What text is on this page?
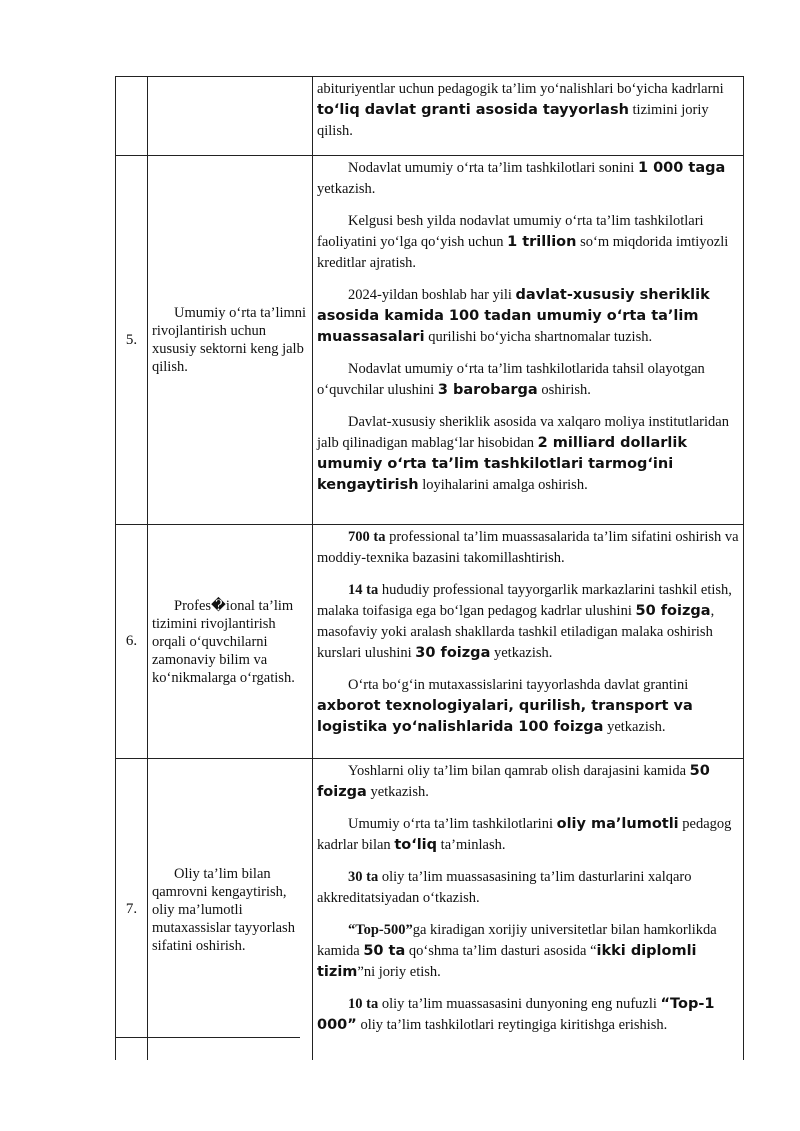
		abituriyentlar uchun pedagogik ta’lim yo‘nalishlari bo‘yicha kadrlarni to‘liq davlat granti asosida tayyorlash tizimini joriy qilish.

5.	Umumiy o‘rta ta’limni rivojlantirish uchun xususiy sektorni keng jalb qilish.	Nodavlat umumiy o‘rta ta’lim tashkilotlari sonini 1 000 taga yetkazish.

Kelgusi besh yilda nodavlat umumiy o‘rta ta’lim tashkilotlari faoliyatini yo‘lga qo‘yish uchun 1 trillion so‘m miqdorida imtiyozli kreditlar ajratish.

2024-yildan boshlab har yili davlat-xususiy sheriklik asosida kamida 100 tadan umumiy o‘rta ta’lim muassasalari qurilishi bo‘yicha shartnomalar tuzish.

Nodavlat umumiy o‘rta ta’lim tashkilotlarida tahsil olayotgan o‘quvchilar ulushini 3 barobarga oshirish.

Davlat-xususiy sheriklik asosida va xalqaro moliya institutlaridan jalb qilinadigan mablag‘lar hisobidan 2 milliard dollarlik umumiy o‘rta ta’lim tashkilotlari tarmog‘ini kengaytirish loyihalarini amalga oshirish.

6.	Profes�ional ta’lim tizimini rivojlantirish orqali o‘quvchilarni zamonaviy bilim va ko‘nikmalarga o‘rgatish.	700 ta professional ta’lim muassasalarida ta’lim sifatini oshirish va moddiy-texnika bazasini takomillashtirish.

14 ta hududiy professional tayyorgarlik markazlarini tashkil etish, malaka toifasiga ega bo‘lgan pedagog kadrlar ulushini 50 foizga, masofaviy yoki aralash shakllarda tashkil etiladigan malaka oshirish kurslari ulushini 30 foizga yetkazish.

O‘rta bo‘g‘in mutaxassislarini tayyorlashda davlat grantini axborot texnologiyalari, qurilish, transport va logistika yo‘nalishlarida 100 foizga yetkazish.

7.	Oliy ta’lim bilan qamrovni kengaytirish, oliy ma’lumotli mutaxassislar tayyorlash sifatini oshirish.	Yoshlarni oliy ta’lim bilan qamrab olish darajasini kamida 50 foizga yetkazish.

Umumiy o‘rta ta’lim tashkilotlarini oliy ma’lumotli pedagog kadrlar bilan to‘liq ta’minlash.

30 ta oliy ta’lim muassasasining ta’lim dasturlarini xalqaro akkreditatsiyadan o‘tkazish.

“Top-500”ga kiradigan xorijiy universitetlar bilan hamkorlikda kamida 50 ta qo‘shma ta’lim dasturi asosida “ikki diplomli tizim”ni joriy etish.

10 ta oliy ta’lim muassasasini dunyoning eng nufuzli “Top-1 000” oliy ta’lim tashkilotlari reytingiga kiritishga erishish.
